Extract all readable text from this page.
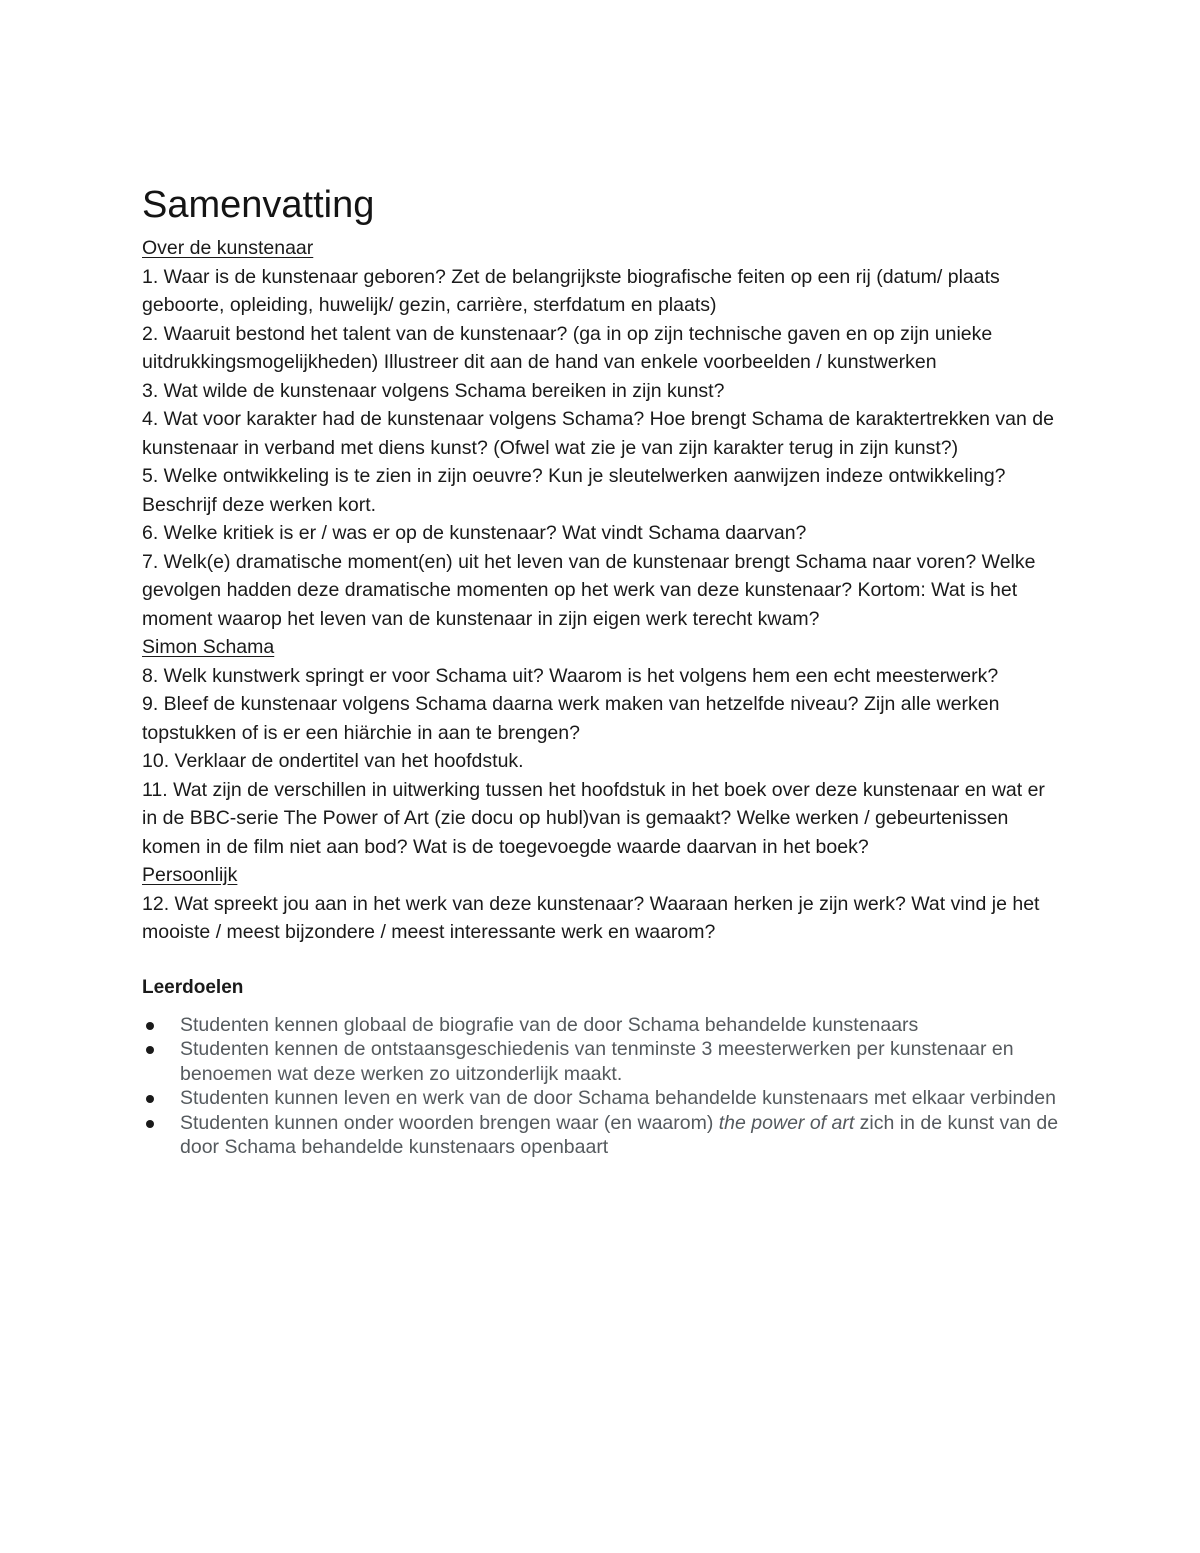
Samenvatting

Over de kunstenaar

1. Waar is de kunstenaar geboren? Zet de belangrijkste biografische feiten op een rij (datum/ plaats geboorte, opleiding, huwelijk/ gezin, carrière, sterfdatum en plaats)

2. Waaruit bestond het talent van de kunstenaar? (ga in op zijn technische gaven en op zijn unieke uitdrukkingsmogelijkheden) Illustreer dit aan de hand van enkele voorbeelden / kunstwerken

3. Wat wilde de kunstenaar volgens Schama bereiken in zijn kunst?

4. Wat voor karakter had de kunstenaar volgens Schama? Hoe brengt Schama de karaktertrekken van de kunstenaar in verband met diens kunst? (Ofwel wat zie je van zijn karakter terug in zijn kunst?)

5. Welke ontwikkeling is te zien in zijn oeuvre? Kun je sleutelwerken aanwijzen indeze ontwikkeling? Beschrijf deze werken kort.

6. Welke kritiek is er / was er op de kunstenaar? Wat vindt Schama daarvan?

7. Welk(e) dramatische moment(en) uit het leven van de kunstenaar brengt Schama naar voren? Welke gevolgen hadden deze dramatische momenten op het werk van deze kunstenaar? Kortom: Wat is het moment waarop het leven van de kunstenaar in zijn eigen werk terecht kwam?

Simon Schama

8. Welk kunstwerk springt er voor Schama uit? Waarom is het volgens hem een echt meesterwerk?

9. Bleef de kunstenaar volgens Schama daarna werk maken van hetzelfde niveau? Zijn alle werken topstukken of is er een hiärchie in aan te brengen?

10. Verklaar de ondertitel van het hoofdstuk.

11. Wat zijn de verschillen in uitwerking tussen het hoofdstuk in het boek over deze kunstenaar en wat er in de BBC-serie The Power of Art (zie docu op hubl)van is gemaakt? Welke werken / gebeurtenissen komen in de film niet aan bod? Wat is de toegevoegde waarde daarvan in het boek?

Persoonlijk

12. Wat spreekt jou aan in het werk van deze kunstenaar? Waaraan herken je zijn werk? Wat vind je het mooiste / meest bijzondere / meest interessante werk en waarom?

Leerdoelen

Studenten kennen globaal de biografie van de door Schama behandelde kunstenaars
Studenten kennen de ontstaansgeschiedenis van tenminste 3 meesterwerken per kunstenaar en benoemen wat deze werken zo uitzonderlijk maakt.
Studenten kunnen leven en werk van de door Schama behandelde kunstenaars met elkaar verbinden
Studenten kunnen onder woorden brengen waar (en waarom) the power of art zich in de kunst van de door Schama behandelde kunstenaars openbaart
